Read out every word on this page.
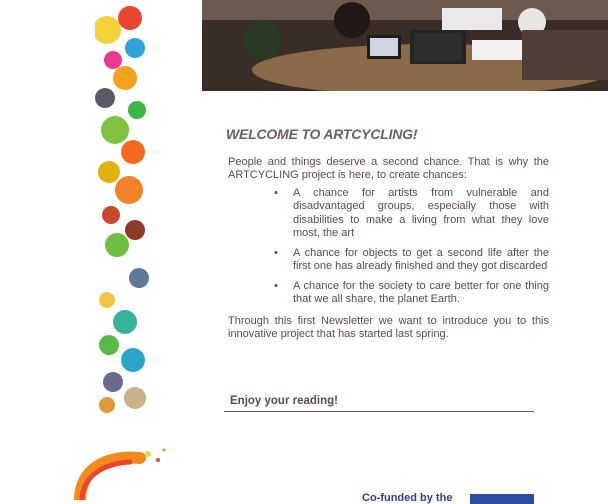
WELCOME TO ARTCYCLING!

People and things deserve a second chance. That is why the ARTCYCLING project is here, to create chances:

• A chance for artists from vulnerable and disadvantaged groups, especially those with disabilities to make a living from what they love most, the art
• A chance for objects to get a second life after the first one has already finished and they got discarded
• A chance for the society to care better for one thing that we all share, the planet Earth.

Through this first Newsletter we want to introduce you to this innovative project that has started last spring.

Enjoy your reading!
Co-funded by the
